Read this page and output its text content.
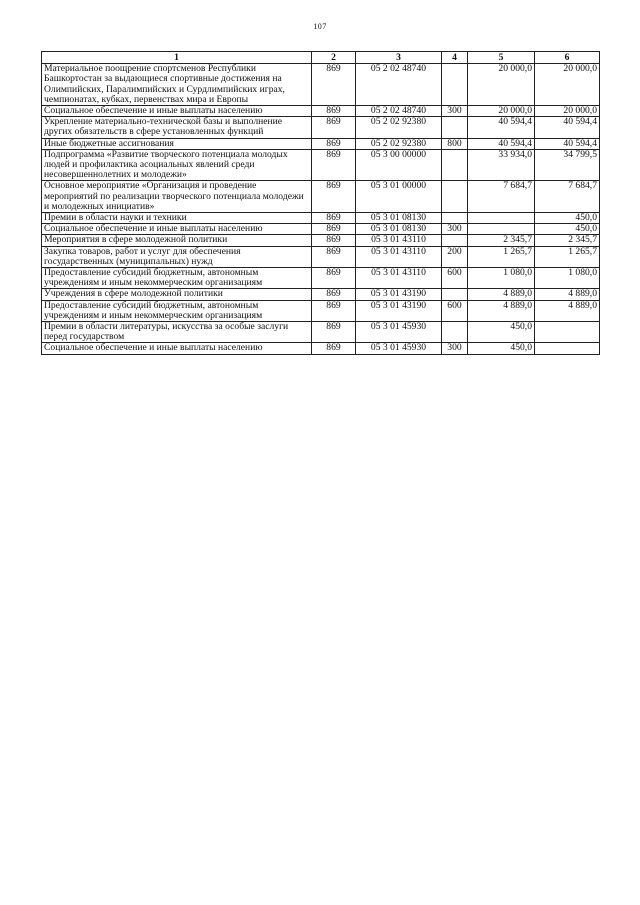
107
1	2	3	4	5	6
Материальное поощрение спортсменов Республики Башкортостан за выдающиеся спортивные достижения на Олимпийских, Паралимпийских и Сурдлимпийских играх, чемпионатах, кубках, первенствах мира и Европы	869	05 2 02 48740		20 000,0	20 000,0
Социальное обеспечение и иные выплаты населению	869	05 2 02 48740	300	20 000,0	20 000,0
Укрепление материально-технической базы и выполнение других обязательств в сфере установленных функций	869	05 2 02 92380		40 594,4	40 594,4
Иные бюджетные ассигнования	869	05 2 02 92380	800	40 594,4	40 594,4
Подпрограмма «Развитие творческого потенциала молодых людей и профилактика асоциальных явлений среди несовершеннолетних и молодежи»	869	05 3 00 00000		33 934,0	34 799,5
Основное мероприятие «Организация и проведение мероприятий по реализации творческого потенциала молодежи и молодежных инициатив»	869	05 3 01 00000		7 684,7	7 684,7
Премии в области науки и техники	869	05 3 01 08130			450,0
Социальное обеспечение и иные выплаты населению	869	05 3 01 08130	300		450,0
Мероприятия в сфере молодежной политики	869	05 3 01 43110		2 345,7	2 345,7
Закупка товаров, работ и услуг для обеспечения государственных (муниципальных) нужд	869	05 3 01 43110	200	1 265,7	1 265,7
Предоставление субсидий бюджетным, автономным учреждениям и иным некоммерческим организациям	869	05 3 01 43110	600	1 080,0	1 080,0
Учреждения в сфере молодежной политики	869	05 3 01 43190		4 889,0	4 889,0
Предоставление субсидий бюджетным, автономным учреждениям и иным некоммерческим организациям	869	05 3 01 43190	600	4 889,0	4 889,0
Премии в области литературы, искусства за особые заслуги перед государством	869	05 3 01 45930		450,0	
Социальное обеспечение и иные выплаты населению	869	05 3 01 45930	300	450,0	
